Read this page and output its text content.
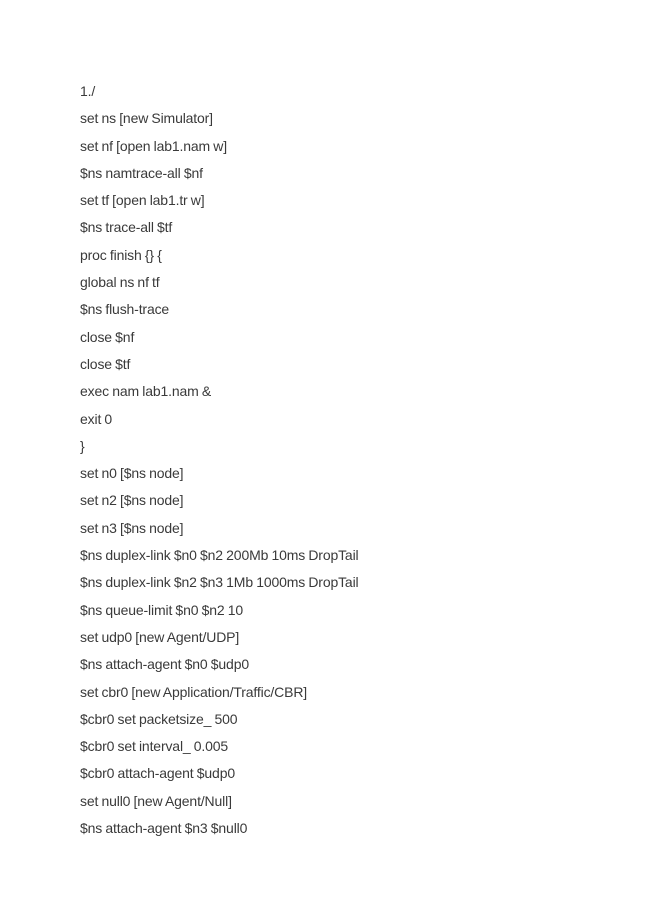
1./
set ns [new Simulator]
set nf [open lab1.nam w]
$ns namtrace-all $nf
set tf [open lab1.tr w]
$ns trace-all $tf
proc finish {} {
global ns nf tf
$ns flush-trace
close $nf
close $tf
exec nam lab1.nam &
exit 0
}
set n0 [$ns node]
set n2 [$ns node]
set n3 [$ns node]
$ns duplex-link $n0 $n2 200Mb 10ms DropTail
$ns duplex-link $n2 $n3 1Mb 1000ms DropTail
$ns queue-limit $n0 $n2 10
set udp0 [new Agent/UDP]
$ns attach-agent $n0 $udp0
set cbr0 [new Application/Traffic/CBR]
$cbr0 set packetsize_ 500
$cbr0 set interval_ 0.005
$cbr0 attach-agent $udp0
set null0 [new Agent/Null]
$ns attach-agent $n3 $null0
